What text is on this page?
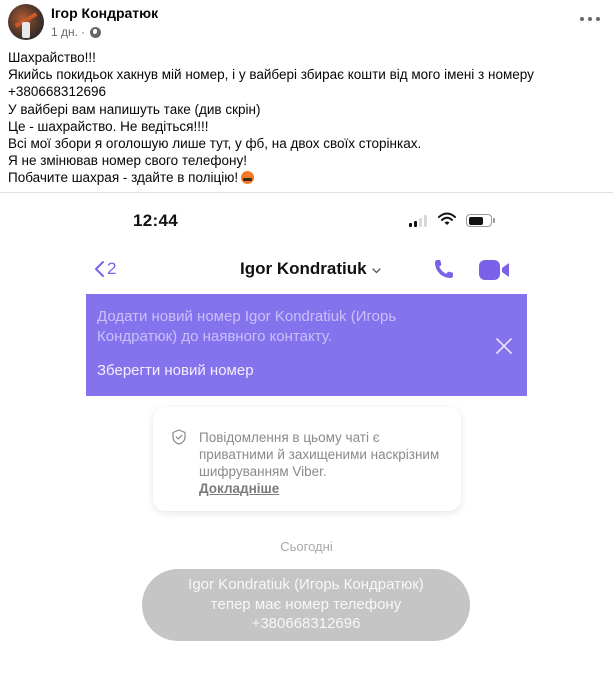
Ігор Кондратюк
1 дн. ·
Шахрайство!!!
Якийсь покидьок хакнув мій номер, і у вайбері збирає кошти від мого імені з номеру
+380668312696
У вайбері вам напишуть таке (див скрін)
Це - шахрайство. Не ведіться!!!!
Всі мої збори я оголошую лише тут, у фб, на двох своїх сторінках.
Я не змінював номер свого телефону!
Побачите шахрая - здайте в поліцію!
12:44
2	Igor Kondratiuk
Додати новий номер Igor Kondratiuk (Игорь Кондратюк) до наявного контакту.
Зберегти новий номер
Повідомлення в цьому чаті є приватними й захищеними наскрізним шифруванням Viber.
Докладніше
Сьогодні
Igor Kondratiuk (Игорь Кондратюк)
тепер має номер телефону
+380668312696
